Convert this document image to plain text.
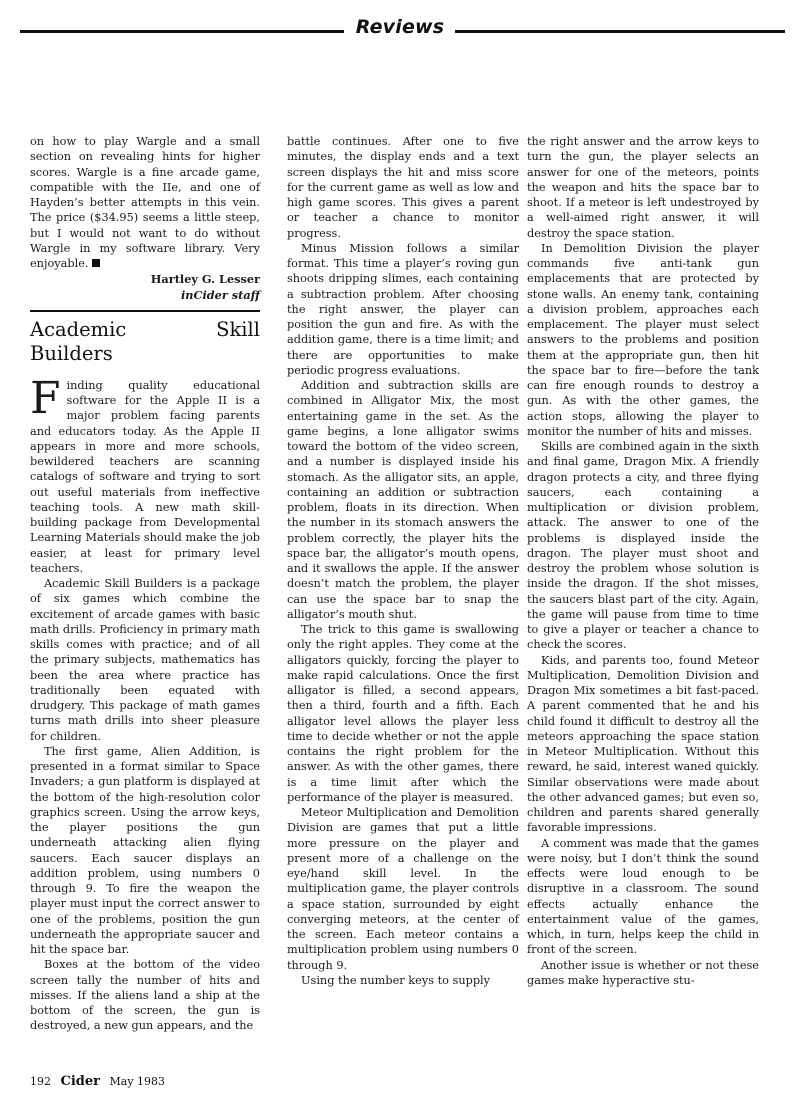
Reviews

on how to play Wargle and a small section on revealing hints for higher scores. Wargle is a fine arcade game, compatible with the IIe, and one of Hayden’s better attempts in this vein. The price ($34.95) seems a little steep, but I would not want to do without Wargle in my software library. Very enjoyable.

Hartley G. Lesser
inCider staff
Academic Skill Builders

Finding quality educational software for the Apple II is a major problem facing parents and educators today. As the Apple II appears in more and more schools, bewildered teachers are scanning catalogs of software and trying to sort out useful materials from ineffective teaching tools. A new math skill-building package from Developmental Learning Materials should make the job easier, at least for primary level teachers.

Academic Skill Builders is a package of six games which combine the excitement of arcade games with basic math drills. Proficiency in primary math skills comes with practice; and of all the primary subjects, mathematics has been the area where practice has traditionally been equated with drudgery. This package of math games turns math drills into sheer pleasure for children.

The first game, Alien Addition, is presented in a format similar to Space Invaders; a gun platform is displayed at the bottom of the high-resolution color graphics screen. Using the arrow keys, the player positions the gun underneath attacking alien flying saucers. Each saucer displays an addition problem, using numbers 0 through 9. To fire the weapon the player must input the correct answer to one of the problems, position the gun underneath the appropriate saucer and hit the space bar.

Boxes at the bottom of the video screen tally the number of hits and misses. If the aliens land a ship at the bottom of the screen, the gun is destroyed, a new gun appears, and the

battle continues. After one to five minutes, the display ends and a text screen displays the hit and miss score for the current game as well as low and high game scores. This gives a parent or teacher a chance to monitor progress.

Minus Mission follows a similar format. This time a player’s roving gun shoots dripping slimes, each containing a subtraction problem. After choosing the right answer, the player can position the gun and fire. As with the addition game, there is a time limit; and there are opportunities to make periodic progress evaluations.

Addition and subtraction skills are combined in Alligator Mix, the most entertaining game in the set. As the game begins, a lone alligator swims toward the bottom of the video screen, and a number is displayed inside his stomach. As the alligator sits, an apple, containing an addition or subtraction problem, floats in its direction. When the number in its stomach answers the problem correctly, the player hits the space bar, the alligator’s mouth opens, and it swallows the apple. If the answer doesn’t match the problem, the player can use the space bar to snap the alligator’s mouth shut.

The trick to this game is swallowing only the right apples. They come at the alligators quickly, forcing the player to make rapid calculations. Once the first alligator is filled, a second appears, then a third, fourth and a fifth. Each alligator level allows the player less time to decide whether or not the apple contains the right problem for the answer. As with the other games, there is a time limit after which the performance of the player is measured.

Meteor Multiplication and Demolition Division are games that put a little more pressure on the player and present more of a challenge on the eye/hand skill level. In the multiplication game, the player controls a space station, surrounded by eight converging meteors, at the center of the screen. Each meteor contains a multiplication problem using numbers 0 through 9.

Using the number keys to supply

the right answer and the arrow keys to turn the gun, the player selects an answer for one of the meteors, points the weapon and hits the space bar to shoot. If a meteor is left undestroyed by a well-aimed right answer, it will destroy the space station.

In Demolition Division the player commands five anti-tank gun emplacements that are protected by stone walls. An enemy tank, containing a division problem, approaches each emplacement. The player must select answers to the problems and position them at the appropriate gun, then hit the space bar to fire—before the tank can fire enough rounds to destroy a gun. As with the other games, the action stops, allowing the player to monitor the number of hits and misses.

Skills are combined again in the sixth and final game, Dragon Mix. A friendly dragon protects a city, and three flying saucers, each containing a multiplication or division problem, attack. The answer to one of the problems is displayed inside the dragon. The player must shoot and destroy the problem whose solution is inside the dragon. If the shot misses, the saucers blast part of the city. Again, the game will pause from time to time to give a player or teacher a chance to check the scores.

Kids, and parents too, found Meteor Multiplication, Demolition Division and Dragon Mix sometimes a bit fast-paced. A parent commented that he and his child found it difficult to destroy all the meteors approaching the space station in Meteor Multiplication. Without this reward, he said, interest waned quickly. Similar observations were made about the other advanced games; but even so, children and parents shared generally favorable impressions.

A comment was made that the games were noisy, but I don’t think the sound effects were loud enough to be disruptive in a classroom. The sound effects actually enhance the entertainment value of the games, which, in turn, helps keep the child in front of the screen.

Another issue is whether or not these games make hyperactive stu-

192 Cider May 1983
